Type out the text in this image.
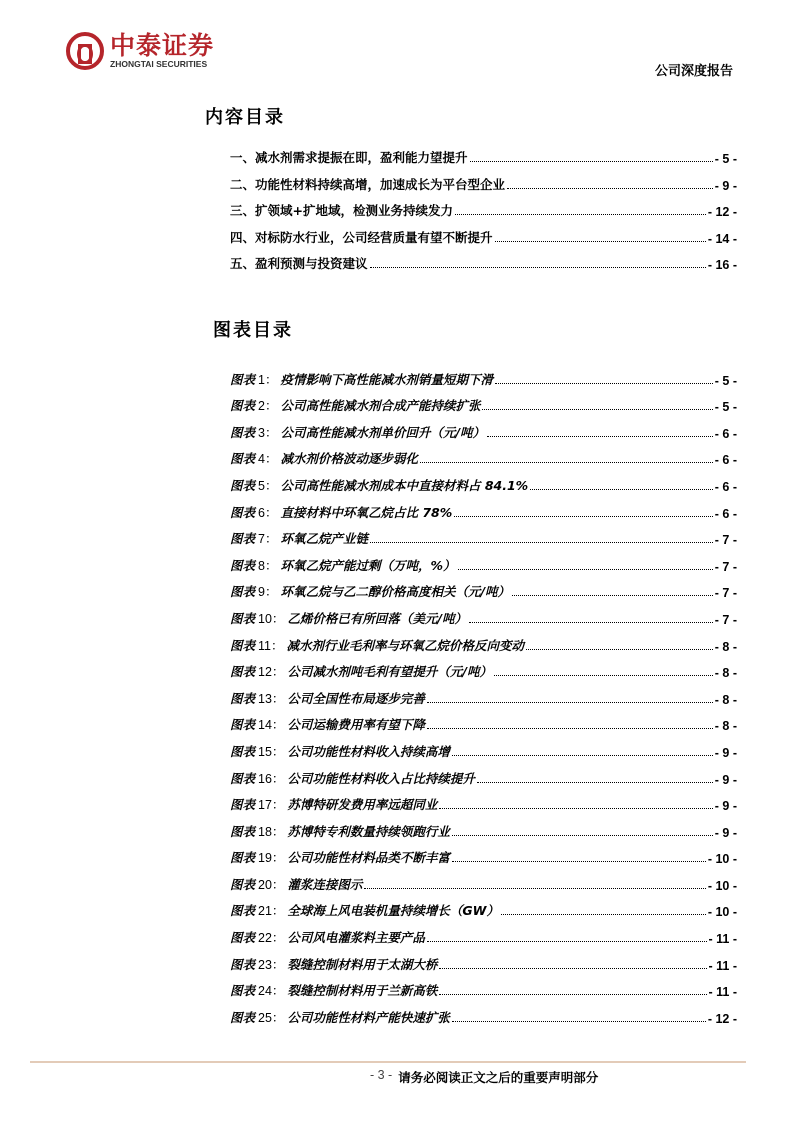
中泰证券
ZHONGTAI SECURITIES	公司深度报告
内容目录
一、减水剂需求提振在即，盈利能力望提升	- 5 -
二、功能性材料持续高增，加速成长为平台型企业	- 9 -
三、扩领域+扩地域，检测业务持续发力	- 12 -
四、对标防水行业，公司经营质量有望不断提升	- 14 -
五、盈利预测与投资建议	- 16 -
图表目录
图表 1： 疫情影响下高性能减水剂销量短期下滑	- 5 -
图表 2： 公司高性能减水剂合成产能持续扩张	- 5 -
图表 3： 公司高性能减水剂单价回升（元/吨）	- 6 -
图表 4： 减水剂价格波动逐步弱化	- 6 -
图表 5： 公司高性能减水剂成本中直接材料占 84.1%	- 6 -
图表 6： 直接材料中环氧乙烷占比 78%	- 6 -
图表 7： 环氧乙烷产业链	- 7 -
图表 8： 环氧乙烷产能过剩（万吨，%）	- 7 -
图表 9： 环氧乙烷与乙二醇价格高度相关（元/吨）	- 7 -
图表 10： 乙烯价格已有所回落（美元/吨）	- 7 -
图表 11： 减水剂行业毛利率与环氧乙烷价格反向变动	- 8 -
图表 12： 公司减水剂吨毛利有望提升（元/吨）	- 8 -
图表 13： 公司全国性布局逐步完善	- 8 -
图表 14： 公司运输费用率有望下降	- 8 -
图表 15： 公司功能性材料收入持续高增	- 9 -
图表 16： 公司功能性材料收入占比持续提升	- 9 -
图表 17： 苏博特研发费用率远超同业	- 9 -
图表 18： 苏博特专利数量持续领跑行业	- 9 -
图表 19： 公司功能性材料品类不断丰富	- 10 -
图表 20： 灌浆连接图示	- 10 -
图表 21： 全球海上风电装机量持续增长（GW）	- 10 -
图表 22： 公司风电灌浆料主要产品	- 11 -
图表 23： 裂缝控制材料用于太湖大桥	- 11 -
图表 24： 裂缝控制材料用于兰新高铁	- 11 -
图表 25： 公司功能性材料产能快速扩张	- 12 -
- 3 - 请务必阅读正文之后的重要声明部分
